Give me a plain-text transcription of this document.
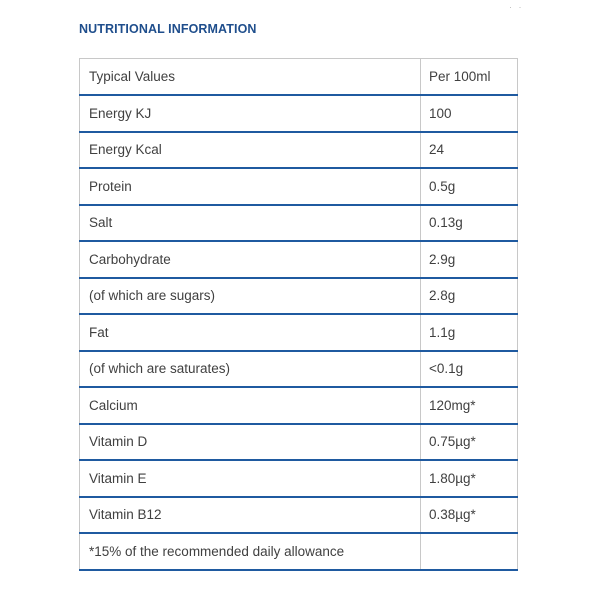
NUTRITIONAL INFORMATION
· ·
Typical Values	Per 100ml
Energy KJ	100
Energy Kcal	24
Protein	0.5g
Salt	0.13g
Carbohydrate	2.9g
(of which are sugars)	2.8g
Fat	1.1g
(of which are saturates)	<0.1g
Calcium	120mg*
Vitamin D	0.75µg*
Vitamin E	1.80µg*
Vitamin B12	0.38µg*
*15% of the recommended daily allowance	
